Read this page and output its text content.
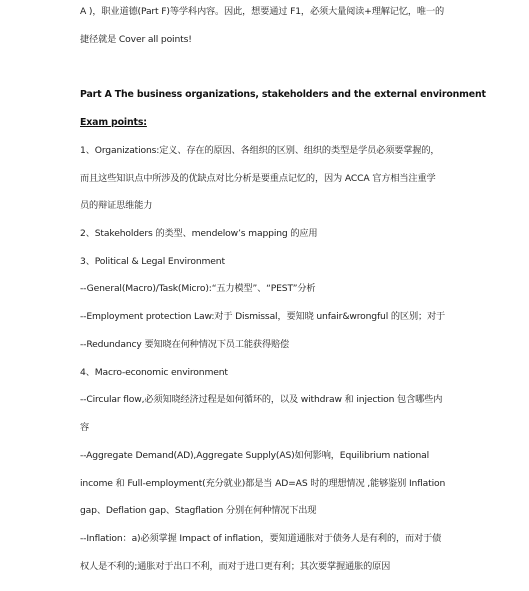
A )，职业道德(Part F)等学科内容。因此，想要通过 F1，必须大量阅读+理解记忆，唯一的
捷径就是 Cover all points!
Part A The business organizations, stakeholders and the external environment
Exam points:
1、Organizations:定义、存在的原因、各组织的区别、组织的类型是学员必须要掌握的，
而且这些知识点中所涉及的优缺点对比分析是要重点记忆的，因为 ACCA 官方相当注重学
员的辩证思维能力
2、Stakeholders 的类型、mendelow’s mapping 的应用
3、Political & Legal Environment
--General(Macro)/Task(Micro):“五力模型”、“PEST”分析
--Employment protection Law:对于 Dismissal，要知晓 unfair&wrongful 的区别；对于
--Redundancy 要知晓在何种情况下员工能获得赔偿
4、Macro-economic environment
--Circular flow,必须知晓经济过程是如何循环的，以及 withdraw 和 injection 包含哪些内
容
--Aggregate Demand(AD),Aggregate Supply(AS)如何影响，Equilibrium national
income 和 Full-employment(充分就业)都是当 AD=AS 时的理想情况 ,能够鉴别 Inflation
gap、Deflation gap、Stagflation 分别在何种情况下出现
--Inflation：a)必须掌握 Impact of inflation，要知道通胀对于债务人是有利的，而对于债
权人是不利的;通胀对于出口不利，而对于进口更有利；其次要掌握通胀的原因
